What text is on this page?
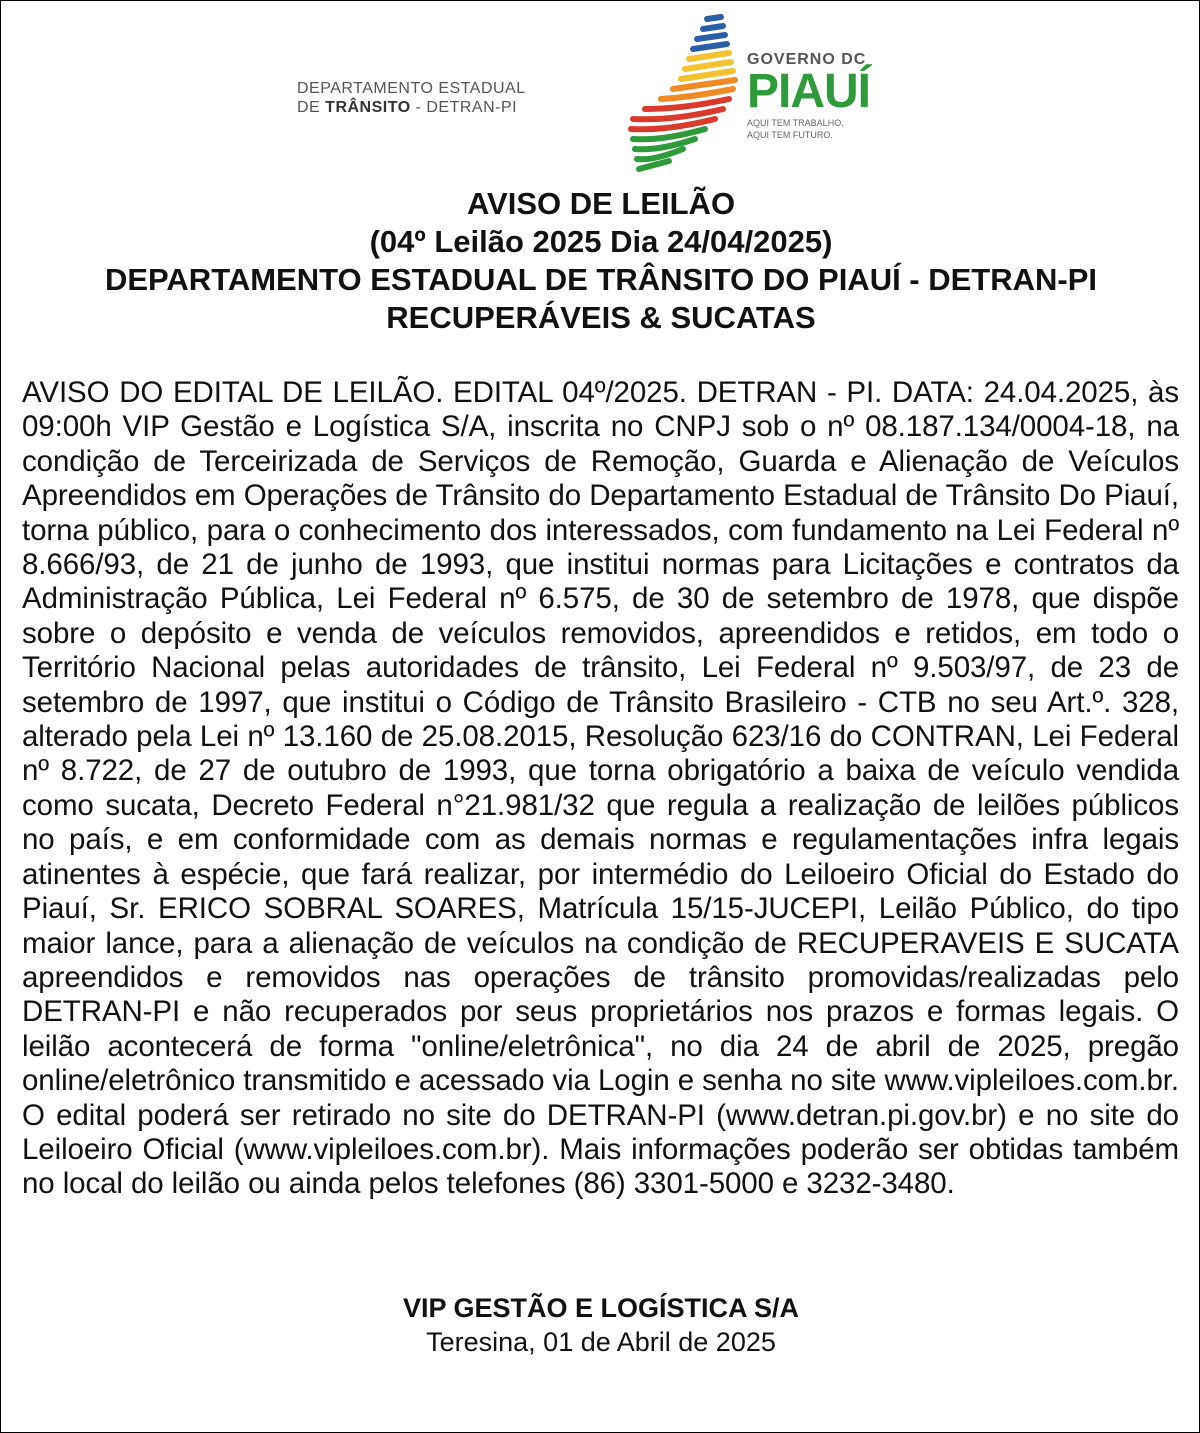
DEPARTAMENTO ESTADUAL
DE TRÂNSITO - DETRAN-PI
GOVERNO DC
PIAUÍ
AQUI TEM TRABALHO.
AQUI TEM FUTURO.
AVISO DE LEILÃO
(04º Leilão 2025 Dia 24/04/2025)
DEPARTAMENTO ESTADUAL DE TRÂNSITO DO PIAUÍ - DETRAN-PI
RECUPERÁVEIS & SUCATAS
AVISO DO EDITAL DE LEILÃO. EDITAL 04º/2025. DETRAN - PI. DATA: 24.04.2025, às 09:00h VIP Gestão e Logística S/A, inscrita no CNPJ sob o nº 08.187.134/0004-18, na condição de Terceirizada de Serviços de Remoção, Guarda e Alienação de Veículos Apreendidos em Operações de Trânsito do Departamento Estadual de Trânsito Do Piauí, torna público, para o conhecimento dos interessados, com fundamento na Lei Federal nº 8.666/93, de 21 de junho de 1993, que institui normas para Licitações e contratos da Administração Pública, Lei Federal nº 6.575, de 30 de setembro de 1978, que dispõe sobre o depósito e venda de veículos removidos, apreendidos e retidos, em todo o Território Nacional pelas autoridades de trânsito, Lei Federal nº 9.503/97, de 23 de setembro de 1997, que institui o Código de Trânsito Brasileiro - CTB no seu Art.º. 328, alterado pela Lei nº 13.160 de 25.08.2015, Resolução 623/16 do CONTRAN, Lei Federal nº 8.722, de 27 de outubro de 1993, que torna obrigatório a baixa de veículo vendida como sucata, Decreto Federal n°21.981/32 que regula a realização de leilões públicos no país, e em conformidade com as demais normas e regulamentações infra legais atinentes à espécie, que fará realizar, por intermédio do Leiloeiro Oficial do Estado do Piauí, Sr. ERICO SOBRAL SOARES, Matrícula 15/15-JUCEPI, Leilão Público, do tipo maior lance, para a alienação de veículos na condição de RECUPERAVEIS E SUCATA apreendidos e removidos nas operações de trânsito promovidas/realizadas pelo DETRAN-PI e não recuperados por seus proprietários nos prazos e formas legais. O leilão acontecerá de forma "online/eletrônica", no dia 24 de abril de 2025, pregão online/eletrônico transmitido e acessado via Login e senha no site www.vipleiloes.com.br. O edital poderá ser retirado no site do DETRAN-PI (www.detran.pi.gov.br) e no site do Leiloeiro Oficial (www.vipleiloes.com.br). Mais informações poderão ser obtidas também no local do leilão ou ainda pelos telefones (86) 3301-5000 e 3232-3480.
VIP GESTÃO E LOGÍSTICA S/A
Teresina, 01 de Abril de 2025
